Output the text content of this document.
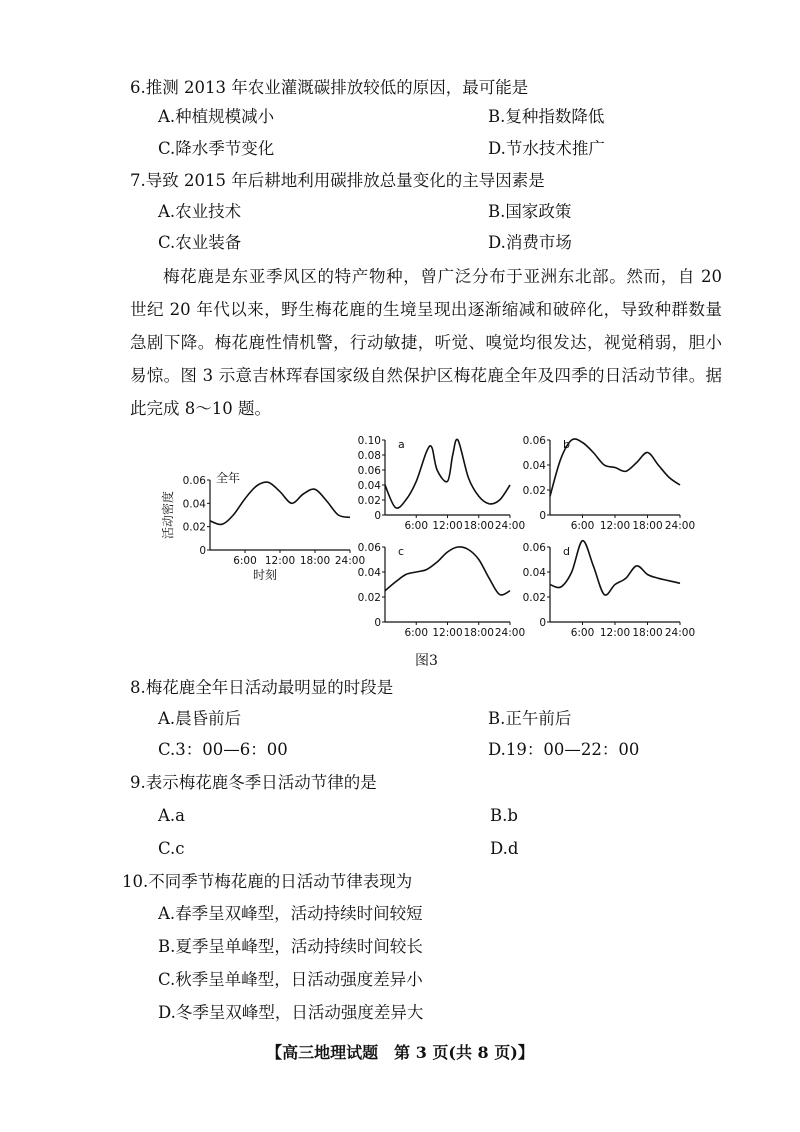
6.推测 2013 年农业灌溉碳排放较低的原因，最可能是
A.种植规模减小	B.复种指数降低
C.降水季节变化	D.节水技术推广
7.导致 2015 年后耕地利用碳排放总量变化的主导因素是
A.农业技术	B.国家政策
C.农业装备	D.消费市场
梅花鹿是东亚季风区的特产物种，曾广泛分布于亚洲东北部。然而，自 20 世纪 20 年代以来，野生梅花鹿的生境呈现出逐渐缩减和破碎化，导致种群数量急剧下降。梅花鹿性情机警，行动敏捷，听觉、嗅觉均很发达，视觉稍弱，胆小易惊。图 3 示意吉林珲春国家级自然保护区梅花鹿全年及四季的日活动节律。据此完成 8～10 题。
0
0.02
0.04
0.06
6:00 12:00 18:00 24:00
全年
时刻
活动密度	0
0.02
0.04
0.06
0.08
0.10
6:00 12:00 18:00 24:00
a
0
0.02
0.04
0.06
6:00 12:00 18:00 24:00
b
0
0.02
0.04
0.06
6:00 12:00 18:00 24:00
c
0
0.02
0.04
0.06
6:00 12:00 18:00 24:00
d
图3
8.梅花鹿全年日活动最明显的时段是
A.晨昏前后	B.正午前后
C.3：00—6：00	D.19：00—22：00
9.表示梅花鹿冬季日活动节律的是
A.a	B.b
C.c	D.d
10.不同季节梅花鹿的日活动节律表现为
A.春季呈双峰型，活动持续时间较短
B.夏季呈单峰型，活动持续时间较长
C.秋季呈单峰型，日活动强度差异小
D.冬季呈双峰型，日活动强度差异大
【高三地理试题　第 3 页(共 8 页)】
